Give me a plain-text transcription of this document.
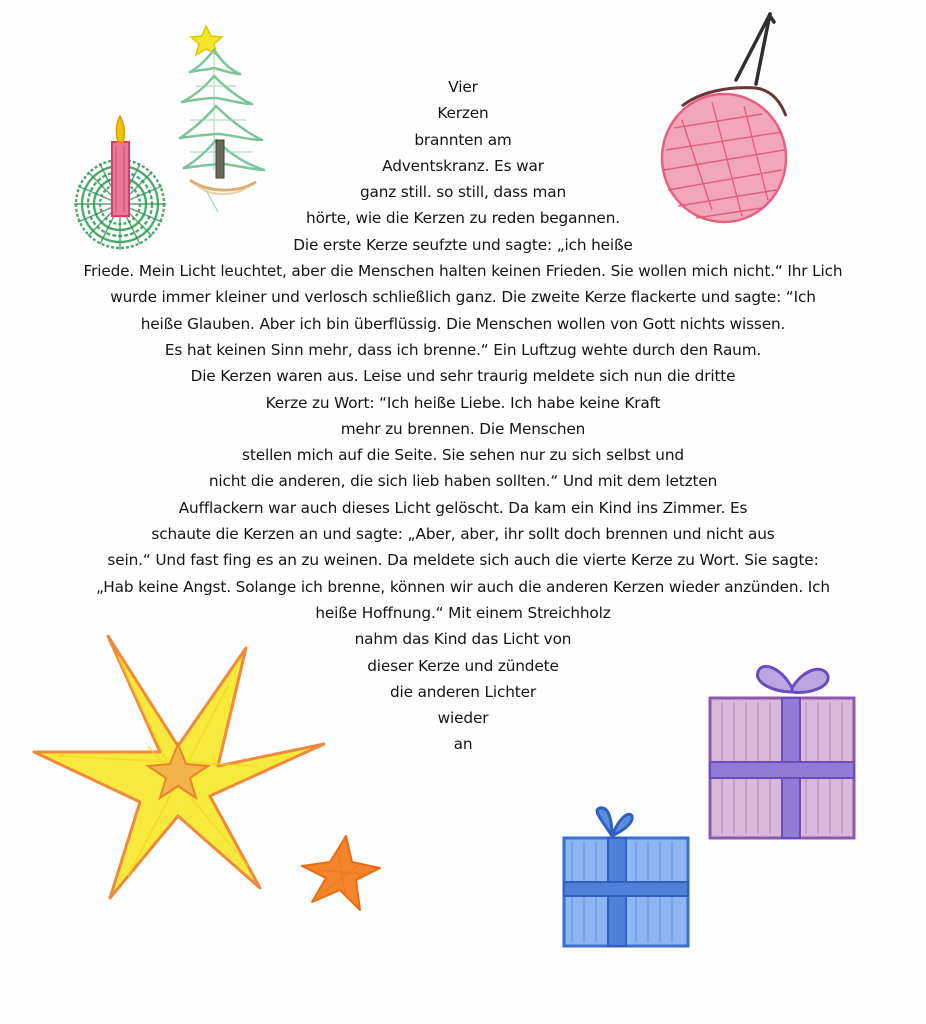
Vier
Kerzen
brannten am
Adventskranz. Es war
ganz still. so still, dass man
hörte, wie die Kerzen zu reden begannen.
Die erste Kerze seufzte und sagte: „ich heiße
Friede. Mein Licht leuchtet, aber die Menschen halten keinen Frieden. Sie wollen mich nicht.“ Ihr Lich
wurde immer kleiner und verlosch schließlich ganz. Die zweite Kerze flackerte und sagte: “Ich
heiße Glauben. Aber ich bin überflüssig. Die Menschen wollen von Gott nichts wissen.
Es hat keinen Sinn mehr, dass ich brenne.“ Ein Luftzug wehte durch den Raum.
Die Kerzen waren aus. Leise und sehr traurig meldete sich nun die dritte
Kerze zu Wort: “Ich heiße Liebe. Ich habe keine Kraft
mehr zu brennen. Die Menschen
stellen mich auf die Seite. Sie sehen nur zu sich selbst und
nicht die anderen, die sich lieb haben sollten.“ Und mit dem letzten
Aufflackern war auch dieses Licht gelöscht. Da kam ein Kind ins Zimmer. Es
schaute die Kerzen an und sagte: „Aber, aber, ihr sollt doch brennen und nicht aus
sein.“ Und fast fing es an zu weinen. Da meldete sich auch die vierte Kerze zu Wort. Sie sagte:
„Hab keine Angst. Solange ich brenne, können wir auch die anderen Kerzen wieder anzünden. Ich
heiße Hoffnung.“ Mit einem Streichholz
nahm das Kind das Licht von
dieser Kerze und zündete
die anderen Lichter
wieder
an
